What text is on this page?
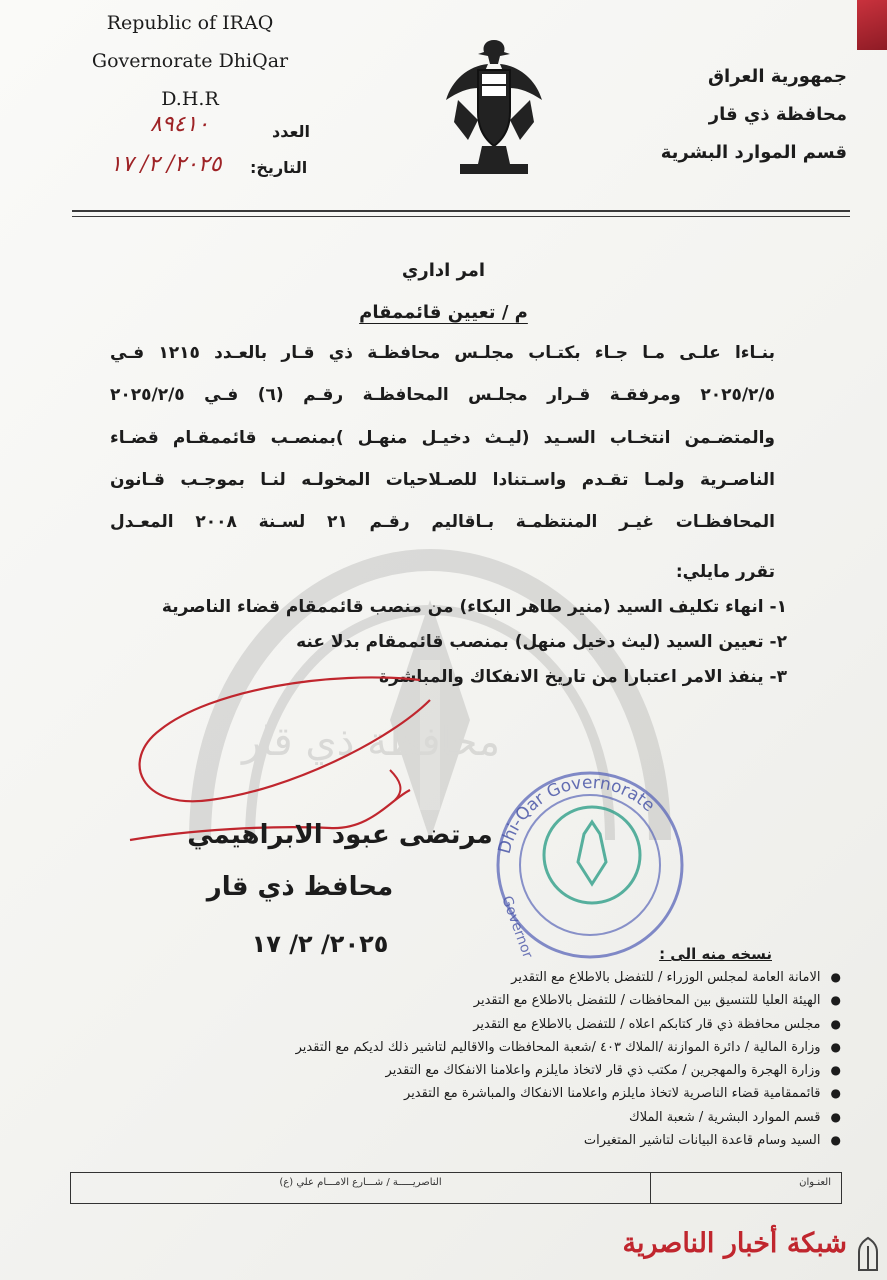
محافظة ذي قار
Republic of IRAQ
Governorate DhiQar
D.H.R
جمهورية العراق
محافظة ذي قار
قسم الموارد البشرية
٨٩٤١٠	العدد
التاريخ:
٢٠٢٥/ ٢/ ١٧
امر اداري
م / تعيين قائممقام
بنـاءا علـى مـا جـاء بكتـاب مجلـس محافظـة ذي قـار بالعـدد ١٢١٥ فـي
٢٠٢٥/٢/٥ ومرفقـة قـرار مجلـس المحافظـة رقـم (٦) فـي ٢٠٢٥/٢/٥
والمتضـمن انتخـاب السـيد (ليـث دخيـل منهـل )بمنصـب قائممقـام قضـاء
الناصـرية ولمـا تقـدم واسـتنادا للصـلاحيات المخولـه لنـا بموجـب قـانون
المحافظـات غيـر المنتظمـة بـاقاليم رقـم ٢١ لسـنة ٢٠٠٨ المعـدل
تقرر مايلي:
١- انهاء تكليف السيد (منير طاهر البكاء) من منصب قائممقام قضاء الناصرية
٢- تعيين السيد (ليث دخيل منهل) بمنصب قائممقام بدلا عنه
٣- ينفذ الامر اعتبارا من تاريخ الانفكاك والمباشرة
Dhi-Qar Governorate
Governor
مرتضى عبود الابراهيمي
محافظ ذي قار
٢٠٢٥/ ٢/ ١٧	نسخه منه الى :
●الامانة العامة لمجلس الوزراء / للتفضل بالاطلاع مع التقدير
●الهيئة العليا للتنسيق بين المحافظات / للتفضل بالاطلاع مع التقدير
●مجلس محافظة ذي قار كتابكم اعلاه / للتفضل بالاطلاع مع التقدير
●وزارة المالية / دائرة الموازنة /الملاك ٤٠٣ /شعبة المحافظات والاقاليم لتاشير ذلك لديكم مع التقدير
●وزارة الهجرة والمهجرين / مكتب ذي قار لاتخاذ مايلزم واعلامنا الانفكاك مع التقدير
●قائممقامية قضاء الناصرية لاتخاذ مايلزم واعلامنا الانفكاك والمباشرة مع التقدير
●قسم الموارد البشرية / شعبة الملاك
●السيد وسام قاعدة البيانات لتاشير المتغيرات
العنـوان
الناصريـــــة / شـــارع الامـــام علي (ع)
شبكة أخبار الناصرية
